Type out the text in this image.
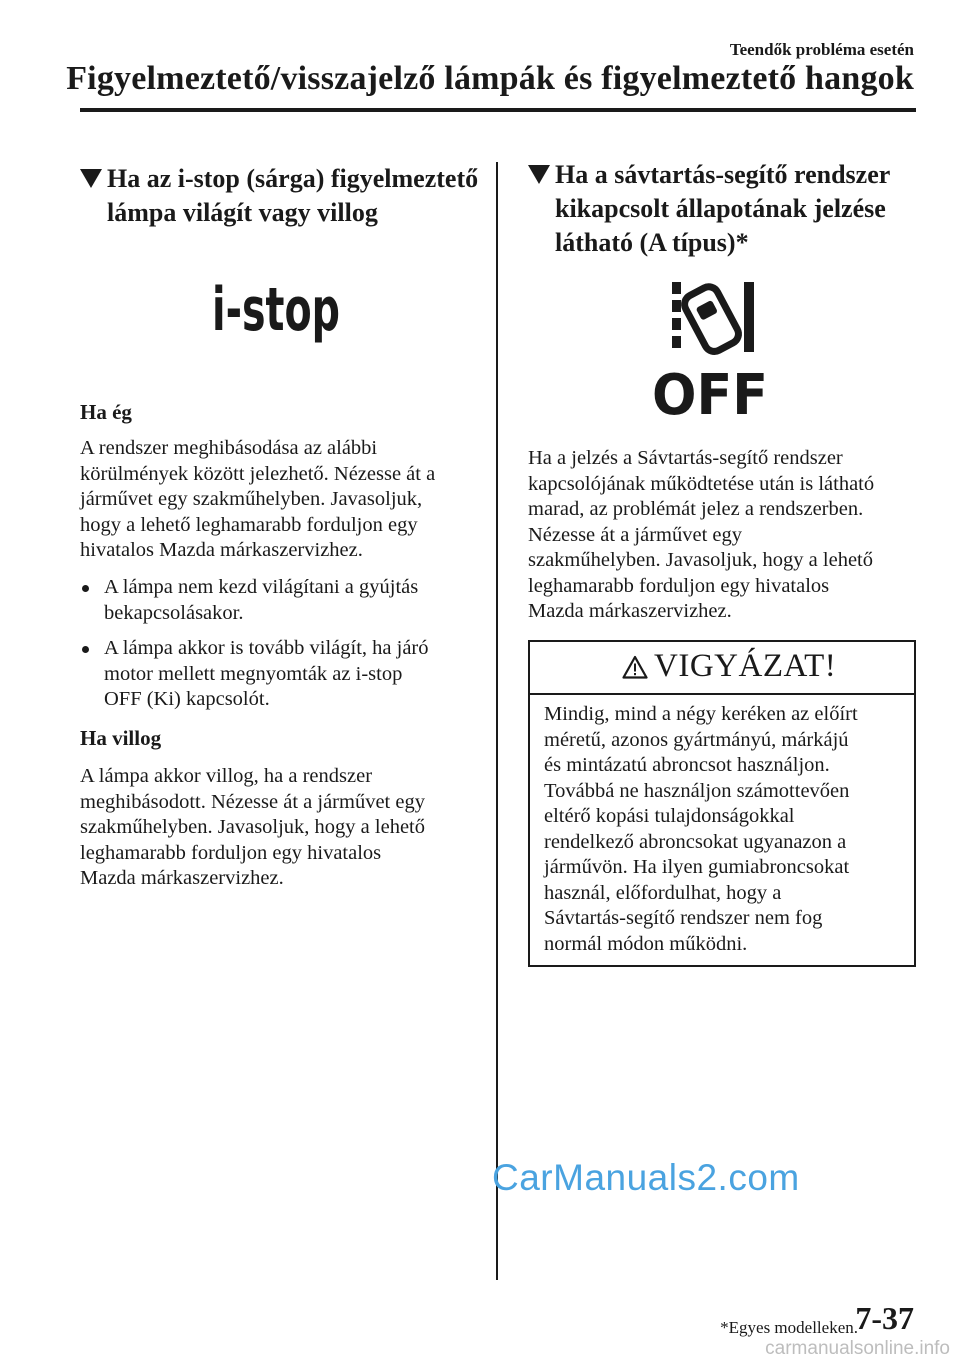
Teendők probléma esetén
Figyelmeztető/visszajelző lámpák és figyelmeztető hangok
Ha az i-stop (sárga) figyelmeztető
lámpa világít vagy villog
i-stop
Ha ég
A rendszer meghibásodása az alábbi
körülmények között jelezhető. Nézesse át a
járművet egy szakműhelyben. Javasoljuk,
hogy a lehető leghamarabb forduljon egy
hivatalos Mazda márkaszervizhez.
A lámpa nem kezd világítani a gyújtás
bekapcsolásakor.
A lámpa akkor is tovább világít, ha járó
motor mellett megnyomták az i-stop
OFF (Ki) kapcsolót.
Ha villog
A lámpa akkor villog, ha a rendszer
meghibásodott. Nézesse át a járművet egy
szakműhelyben. Javasoljuk, hogy a lehető
leghamarabb forduljon egy hivatalos
Mazda márkaszervizhez.
Ha a sávtartás-segítő rendszer
kikapcsolt állapotának jelzése
látható (A típus)*
OFF
Ha a jelzés a Sávtartás-segítő rendszer
kapcsolójának működtetése után is látható
marad, az problémát jelez a rendszerben.
Nézesse át a járművet egy
szakműhelyben. Javasoljuk, hogy a lehető
leghamarabb forduljon egy hivatalos
Mazda márkaszervizhez.
VIGYÁZAT!
Mindig, mind a négy keréken az előírt
méretű, azonos gyártmányú, márkájú
és mintázatú abroncsot használjon.
Továbbá ne használjon számottevően
eltérő kopási tulajdonságokkal
rendelkező abroncsokat ugyanazon a
járművön. Ha ilyen gumiabroncsokat
használ, előfordulhat, hogy a
Sávtartás-segítő rendszer nem fog
normál módon működni.
CarManuals2.com
7-37
*Egyes modelleken.
carmanualsonline.info
